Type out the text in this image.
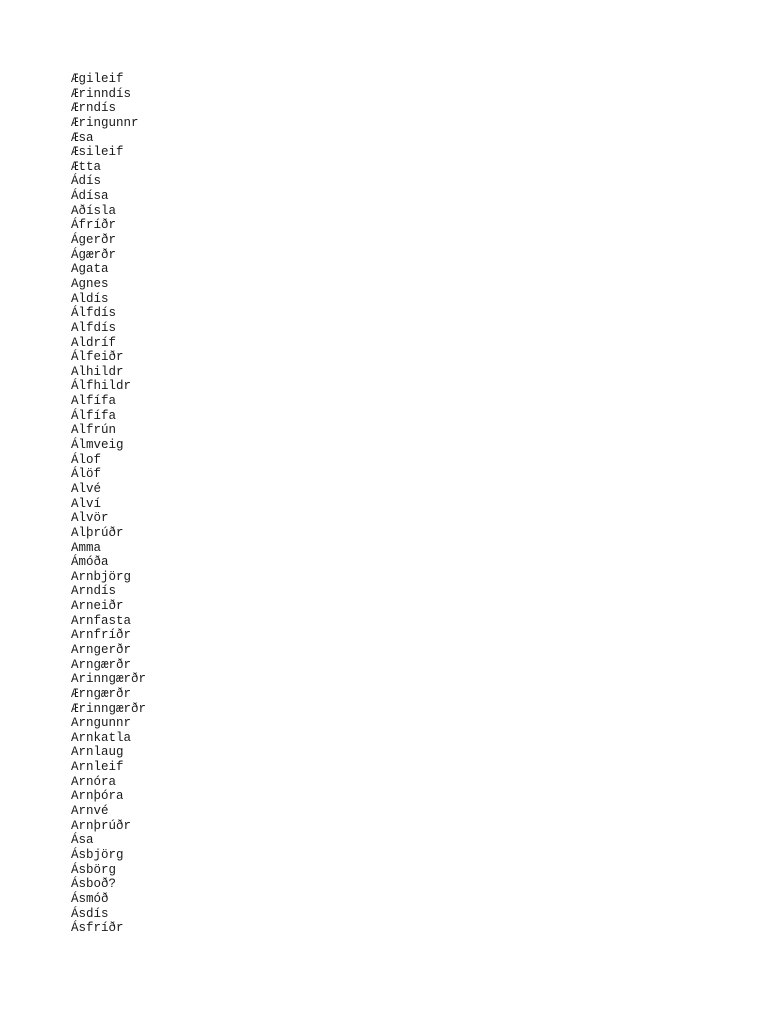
Ægileif
Ærinndís
Ærndís
Æringunnr
Æsa
Æsileif
Ætta
Ádís
Ádísa
Aðísla
Áfríðr
Ágerðr
Ágærðr
Agata
Agnes
Aldís
Álfdís
Alfdís
Aldríf
Álfeiðr
Alhildr
Álfhildr
Alfífa
Álfífa
Alfrún
Álmveig
Álof
Álöf
Alvé
Alví
Alvör
Alþrúðr
Amma
Ámóða
Arnbjörg
Arndís
Arneiðr
Arnfasta
Arnfríðr
Arngerðr
Arngærðr
Arinngærðr
Ærngærðr
Ærinngærðr
Arngunnr
Arnkatla
Arnlaug
Arnleif
Arnóra
Arnþóra
Arnvé
Arnþrúðr
Ása
Ásbjörg
Ásbörg
Ásboð?
Ásmóð
Ásdís
Ásfríðr
